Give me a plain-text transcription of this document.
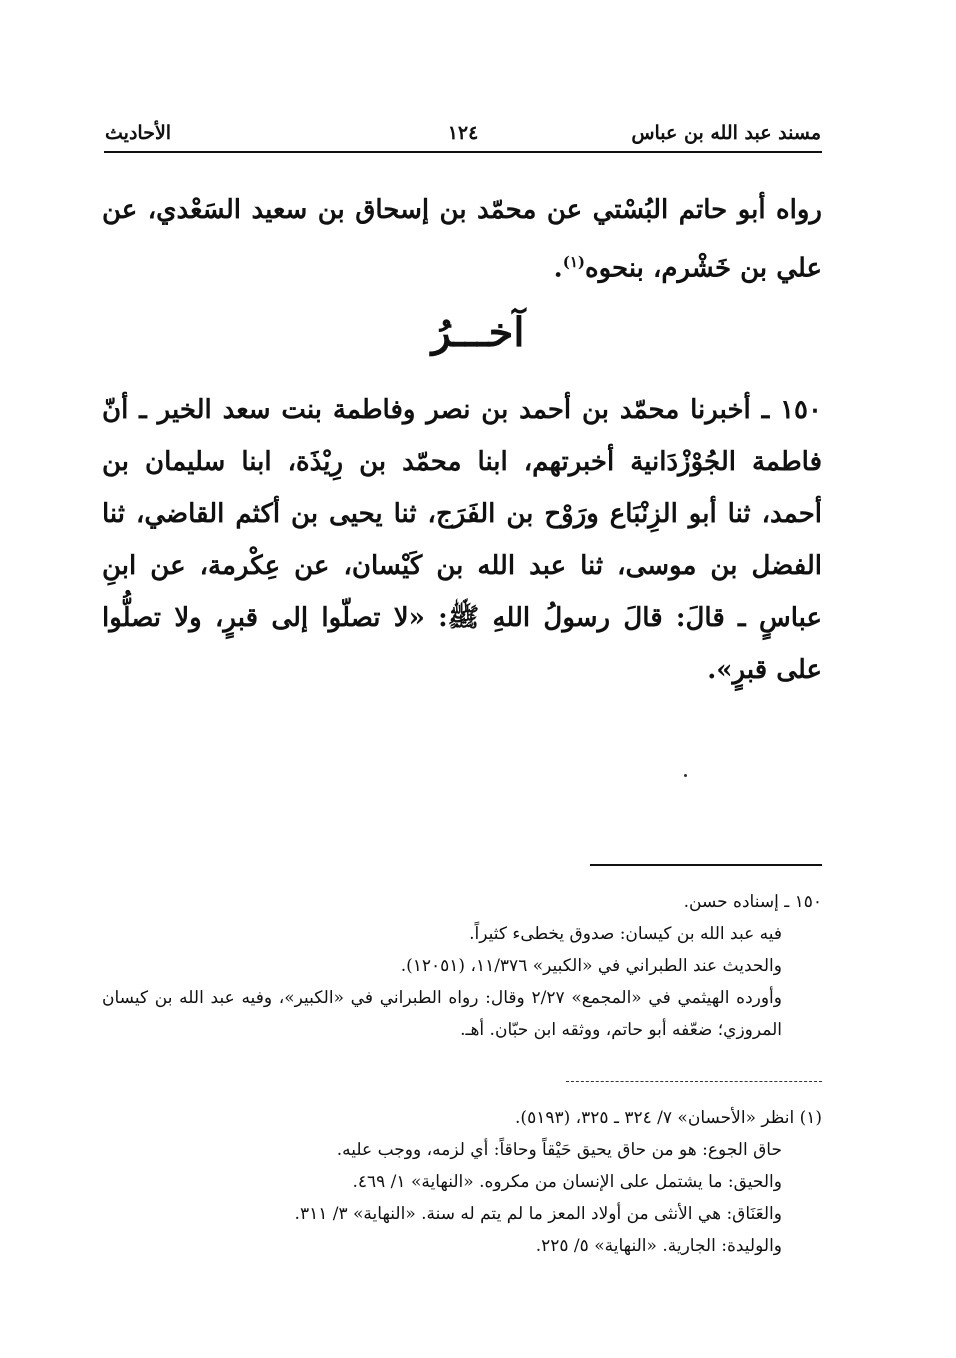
مسند عبد الله بن عباس
١٢٤
الأحاديث
رواه أبو حاتم البُسْتي عن محمّد بن إسحاق بن سعيد السَعْدي، عن علي بن خَشْرم، بنحوه$^{(١)}$.
آخـــرُ
١٥٠ ـ أخبرنا محمّد بن أحمد بن نصر وفاطمة بنت سعد الخير ـ أنّ فاطمة الجُوْزْدَانية أخبرتهم، ابنا محمّد بن رِيْذَة، ابنا سليمان بن أحمد، ثنا أبو الزِنْبَاع ورَوْح بن الفَرَج، ثنا يحيى بن أكثم القاضي، ثنا الفضل بن موسى، ثنا عبد الله بن كَيْسان، عن عِكْرمة، عن ابنِ عباسٍ ـ قالَ: قالَ رسولُ اللهِ ﷺ: «لا تصلّوا إلى قبرٍ، ولا تصلُّوا على قبرٍ».
١٥٠ ـ إسناده حسن.
فيه عبد الله بن كيسان: صدوق يخطىء كثيراً.
والحديث عند الطبراني في «الكبير» ١١/٣٧٦، (١٢٠٥١).
وأورده الهيثمي في «المجمع» ٢/٢٧ وقال: رواه الطبراني في «الكبير»، وفيه عبد الله بن كيسان المروزي؛ ضعّفه أبو حاتم، ووثقه ابن حبّان. أهـ.
(١) انظر «الأحسان» ٧/ ٣٢٤ ـ ٣٢٥، (٥١٩٣).
حاق الجوع: هو من حاق يحيق حَيْقاً وحاقاً: أي لزمه، ووجب عليه.
والحيق: ما يشتمل على الإنسان من مكروه. «النهاية» ١/ ٤٦٩.
والعَنَاق: هي الأنثى من أولاد المعز ما لم يتم له سنة. «النهاية» ٣/ ٣١١.
والوليدة: الجارية. «النهاية» ٥/ ٢٢٥.
